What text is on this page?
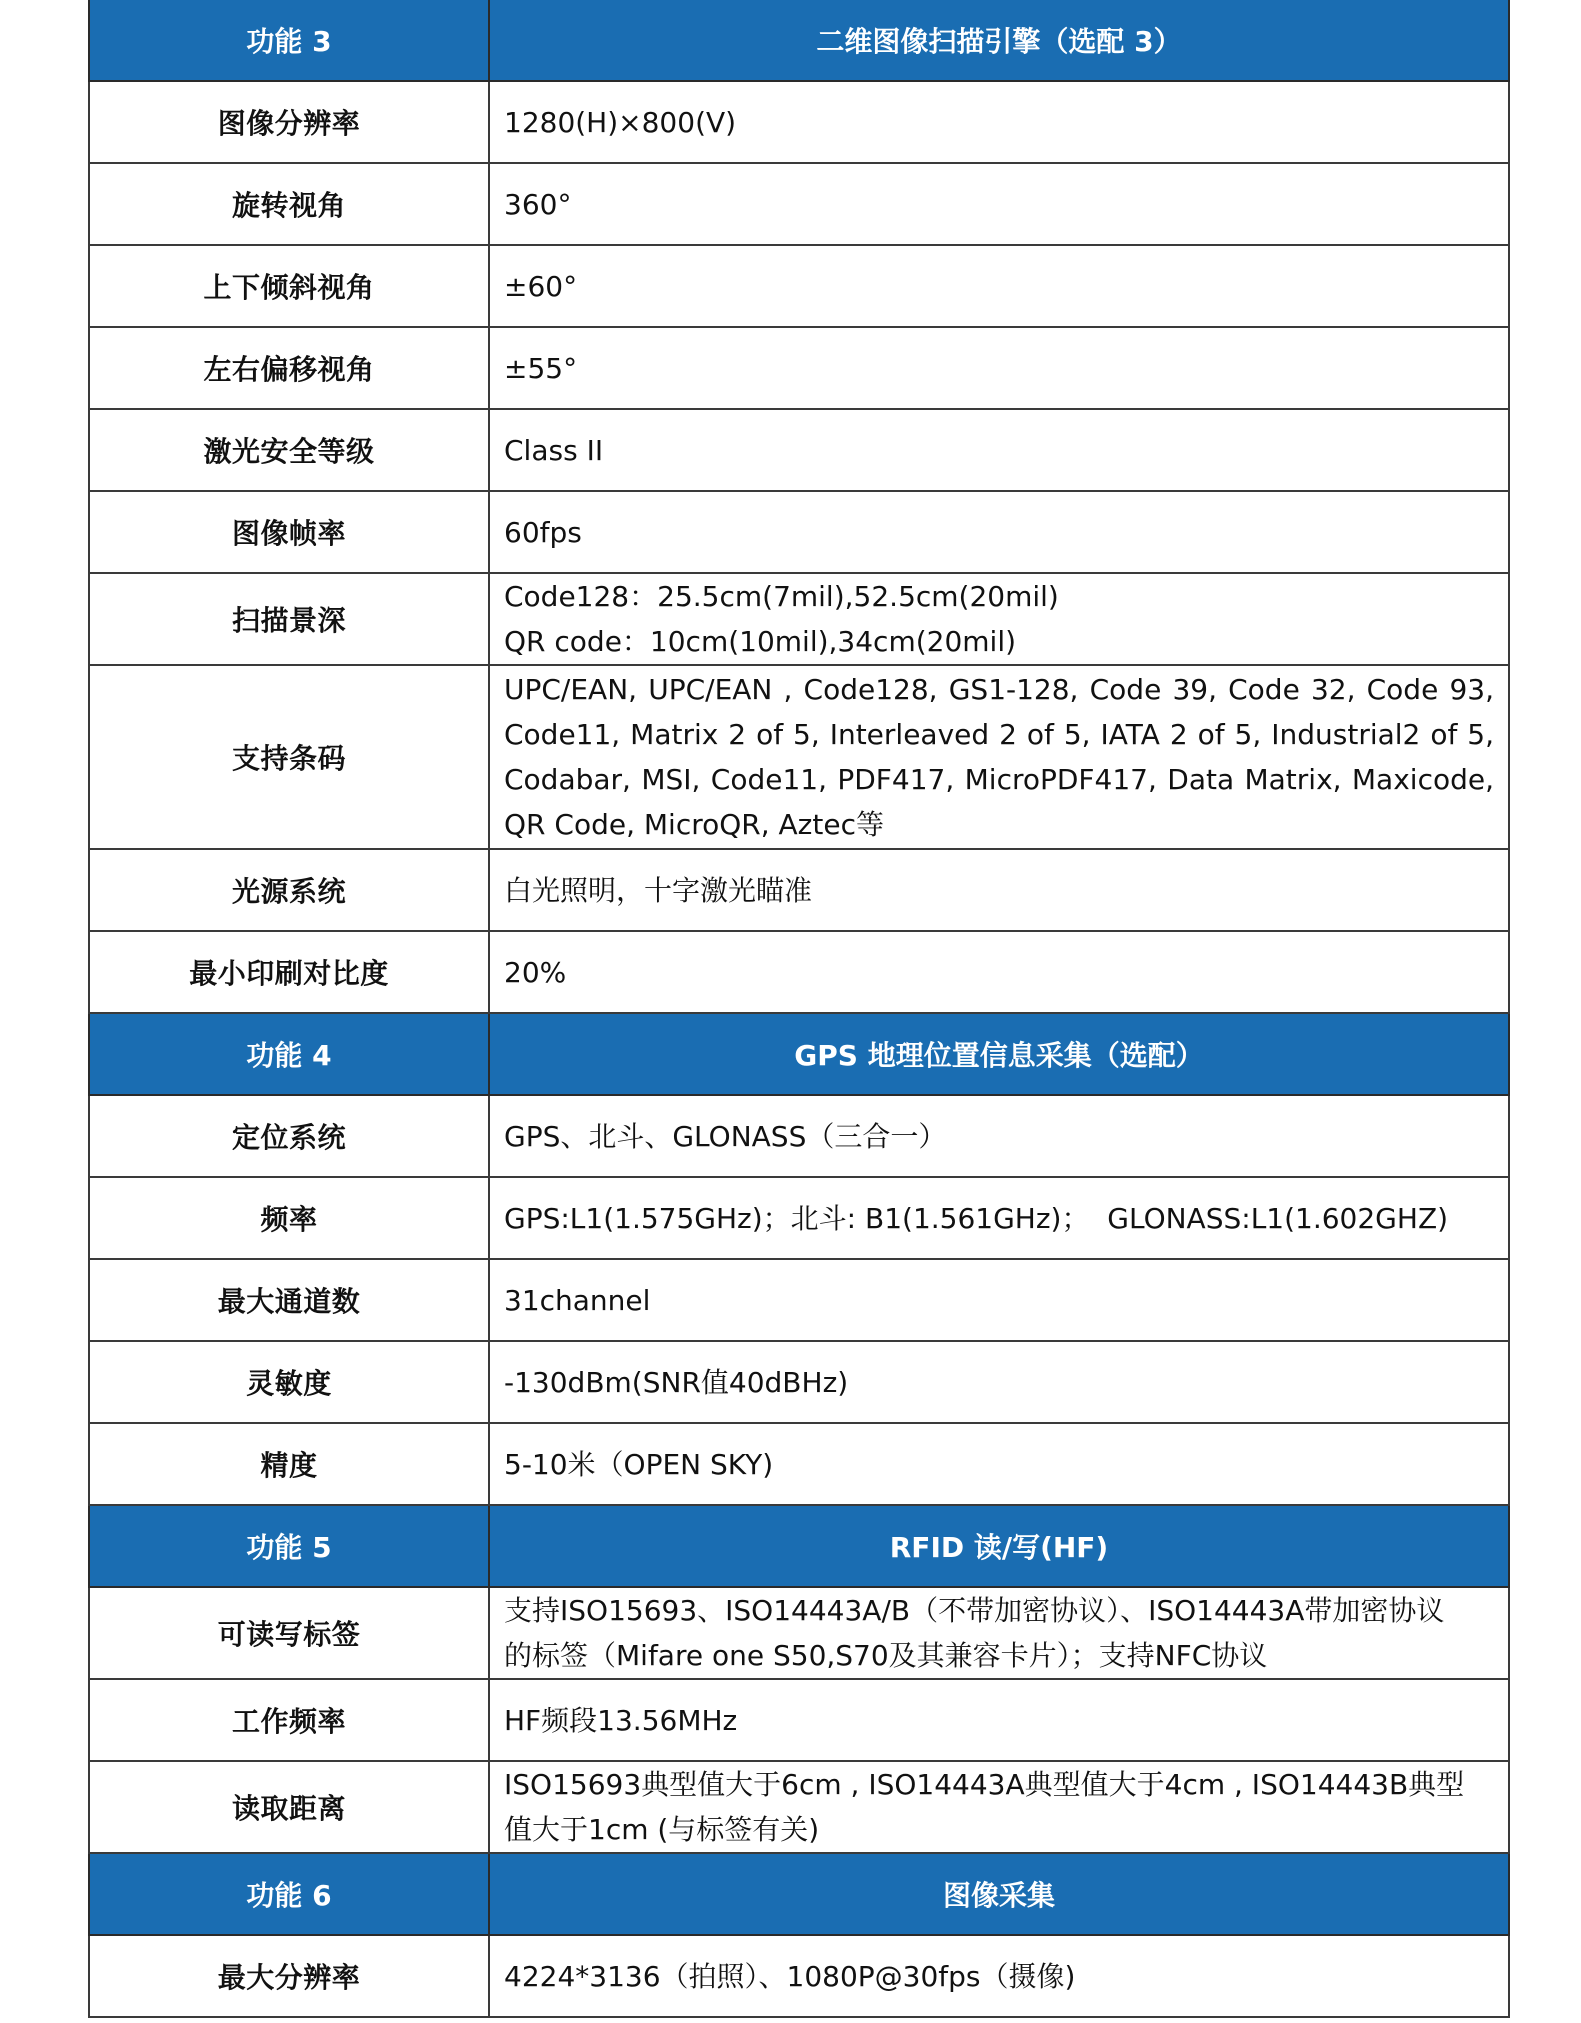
功能 3	二维图像扫描引擎（选配 3）
图像分辨率	1280(H)×800(V)
旋转视角	360°
上下倾斜视角	±60°
左右偏移视角	±55°
激光安全等级	Class II
图像帧率	60fps
扫描景深	Code128：25.5cm(7mil),52.5cm(20mil)
QR code：10cm(10mil),34cm(20mil)

支持条码	UPC/EAN, UPC/EAN , Code128, GS1-128, Code 39, Code 32, Code 93, Code11, Matrix 2 of 5, Interleaved 2 of 5, IATA 2 of 5, Industrial2 of 5, Codabar, MSI, Code11, PDF417, MicroPDF417, Data Matrix, Maxicode, QR Code, MicroQR, Aztec等
光源系统	白光照明，十字激光瞄准
最小印刷对比度	20%
功能 4	GPS 地理位置信息采集（选配）
定位系统	GPS、北斗、GLONASS（三合一）
频率	GPS:L1(1.575GHz)；北斗: B1(1.561GHz)；  GLONASS:L1(1.602GHZ)
最大通道数	31channel
灵敏度	-130dBm(SNR值40dBHz)
精度	5-10米（OPEN SKY)
功能 5	RFID 读/写(HF)
可读写标签	支持ISO15693、ISO14443A/B（不带加密协议）、ISO14443A带加密协议
的标签（Mifare one S50,S70及其兼容卡片）；支持NFC协议

工作频率	HF频段13.56MHz
读取距离	ISO15693典型值大于6cm , ISO14443A典型值大于4cm , ISO14443B典型
值大于1cm (与标签有关)

功能 6	图像采集
最大分辨率	4224*3136（拍照）、1080P@30fps（摄像)
